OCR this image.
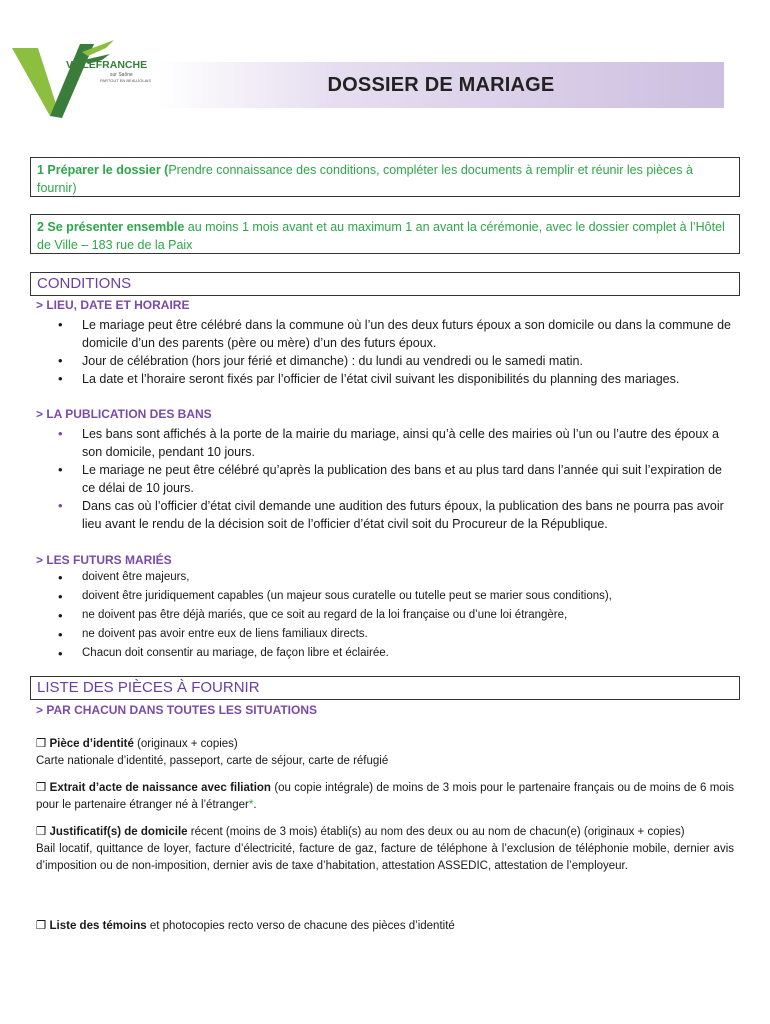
VILLEFRANCHE
sur Saône
PARTOUT EN BEAUJOLAIS	DOSSIER DE MARIAGE
1 Préparer le dossier (Prendre connaissance des conditions, compléter les documents à remplir et réunir les pièces à fournir)
2 Se présenter ensemble au moins 1 mois avant et au maximum 1 an avant la cérémonie, avec le dossier complet à l’Hôtel de Ville – 183 rue de la Paix
CONDITIONS
> LIEU, DATE ET HORAIRE
• Le mariage peut être célébré dans la commune où l’un des deux futurs époux a son domicile ou dans la commune de domicile d’un des parents (père ou mère) d’un des futurs époux.
• Jour de célébration (hors jour férié et dimanche) : du lundi au vendredi ou le samedi matin.
• La date et l’horaire seront fixés par l’officier de l’état civil suivant les disponibilités du planning des mariages.
> LA PUBLICATION DES BANS
• Les bans sont affichés à la porte de la mairie du mariage, ainsi qu’à celle des mairies où l’un ou l’autre des époux a son domicile, pendant 10 jours.
• Le mariage ne peut être célébré qu’après la publication des bans et au plus tard dans l’année qui suit l’expiration de ce délai de 10 jours.
• Dans cas où l’officier d’état civil demande une audition des futurs époux, la publication des bans ne pourra pas avoir lieu avant le rendu de la décision soit de l’officier d’état civil soit du Procureur de la République.
> LES FUTURS MARIÉS
• doivent être majeurs,
• doivent être juridiquement capables (un majeur sous curatelle ou tutelle peut se marier sous conditions),
• ne doivent pas être déjà mariés, que ce soit au regard de la loi française ou d’une loi étrangère,
• ne doivent pas avoir entre eux de liens familiaux directs.
• Chacun doit consentir au mariage, de façon libre et éclairée.
LISTE DES PIÈCES À FOURNIR
> PAR CHACUN DANS TOUTES LES SITUATIONS
❒ Pièce d’identité (originaux + copies)
Carte nationale d’identité, passeport, carte de séjour, carte de réfugié
❒ Extrait d’acte de naissance avec filiation (ou copie intégrale) de moins de 3 mois pour le partenaire français ou de moins de 6 mois pour le partenaire étranger né à l’étranger*.
❒ Justificatif(s) de domicile récent (moins de 3 mois) établi(s) au nom des deux ou au nom de chacun(e) (originaux + copies)
Bail locatif, quittance de loyer, facture d’électricité, facture de gaz, facture de téléphone à l’exclusion de téléphonie mobile, dernier avis d’imposition ou de non-imposition, dernier avis de taxe d’habitation, attestation ASSEDIC, attestation de l’employeur.
❒ Liste des témoins et photocopies recto verso de chacune des pièces d’identité
